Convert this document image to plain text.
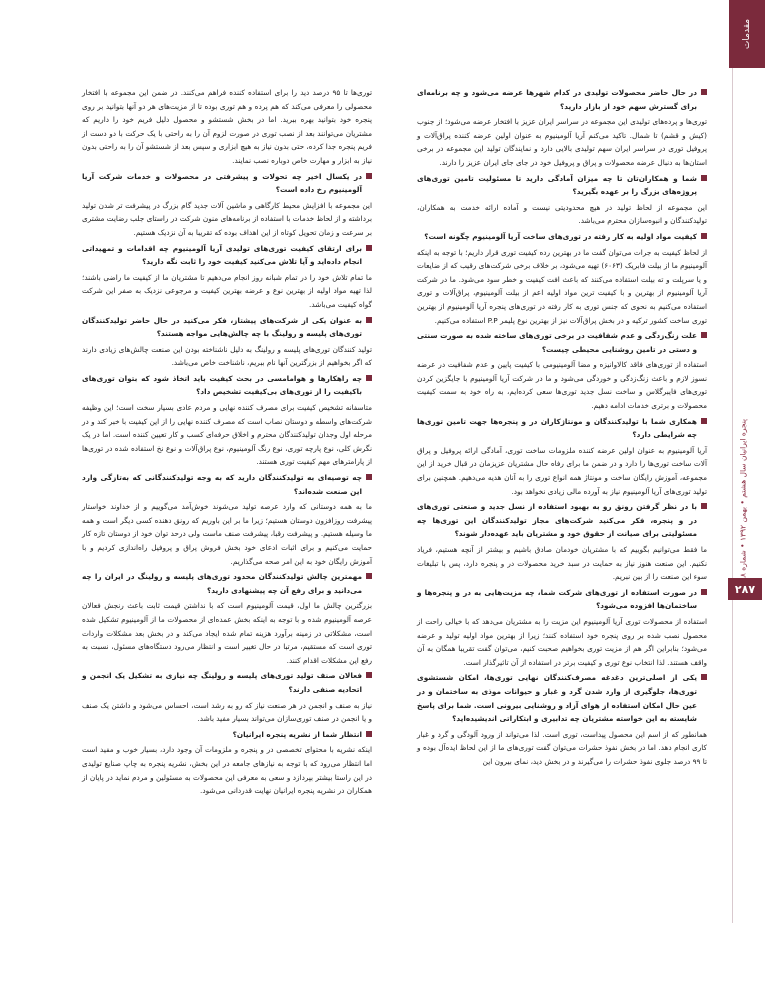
مقدمات
پنجره ایرانیان سال هشتم • بهمن ۱۳۹۲ • شماره
۲۸۷

در حال حاضر محصولات تولیدی در کدام شهرها عرضه می‌شود و چه برنامه‌ای برای گسترش سهم خود از بازار دارید؟

توری‌ها و پرده‌های تولیدی این مجموعه در سراسر ایران عزیز با افتخار عرضه می‌شود؛ از جنوب (کیش و قشم) تا شمال. تاکید می‌کنم آریا آلومینیوم به عنوان اولین عرضه کننده پراق‌آلات و پروفیل توری در سراسر ایران سهم تولیدی بالایی دارد و نمایندگان تولید این مجموعه در برخی استان‌ها به دنبال عرضه محصولات و پراق و پروفیل خود در جای جای ایران عزیز را دارند.

شما و همکاران‌تان تا چه میزان آمادگی دارید تا مسئولیت تامین توری‌های پروژه‌های بزرگ را بر عهده بگیرید؟

این مجموعه از لحاظ تولید در هیچ محدودیتی نیست و آماده ارائه خدمت به همکاران، تولیدکنندگان و انبوه‌سازان محترم می‌باشد.

کیفیت مواد اولیه به کار رفته در توری‌های ساخت آریا آلومینیوم چگونه است؟

از لحاظ کیفیت به جرات می‌توان گفت ما در بهترین رده کیفیت توری قرار داریم؛ با توجه به اینکه آلومینیوم ما از بیلت فابریک (۶۰۶۳) تهیه می‌شود، بر خلاف برخی شرکت‌های رقیب که از ضایعات و یا سرپلت و ته بیلت استفاده می‌کنند که باعث افت کیفیت و خطر سود می‌شود. ما در شرکت آریا آلومینیوم از بهترین و با کیفیت ترین مواد اولیه اعم از بیلت آلومینیوم، پراق‌آلات و توری استفاده می‌کنیم به نحوی که جنس توری به کار رفته در توری‌های پنجره آریا آلومینیوم از بهترین توری ساخت کشور ترکیه و در بخش پراق‌آلات نیز از بهترین نوع پلیمر P.P استفاده می‌کنیم.

علت زنگ‌زدگی و عدم شفافیت در برخی توری‌های ساخته شده به صورت سنتی و دستی در تامین روشنایی محیطی چیست؟

استفاده از توری‌های فاقد کالاوانیزه و مضا آلومینیومی با کیفیت پایین و عدم شفافیت در عرضه نسوز لازم و باعث زنگ‌زدگی و خوردگی می‌شود و ما در شرکت آریا آلومینیوم با جایگزین کردن توری‌های فایبرگلاس و ساخت نسل جدید توری‌ها سعی کرده‌ایم، به راه خود به سمت کیفیت محصولات و برتری خدمات ادامه دهیم.

همکاری شما با تولیدکنندگان و مونتاژکاران در و پنجره‌ها جهت تامین توری‌ها چه شرایطی دارد؟

آریا آلومینیوم به عنوان اولین عرضه کننده ملزومات ساخت توری، آمادگی ارائه پروفیل و پراق آلات ساخت توری‌ها را دارد و در ضمن ما برای رفاه حال مشتریان عزیزمان در قبال خرید از این مجموعه، آموزش رایگان ساخت و مونتاژ همه انواع توری را به آنان هدیه می‌دهیم. همچنین برای تولید توری‌های آریا آلومینیوم نیاز به آورده مالی زیادی نخواهد بود.

با در نظر گرفتن رونق رو به بهبود استفاده از نسل جدید و صنعتی توری‌های در و پنجره، فکر می‌کنید شرکت‌های مجاز تولیدکنندگان این توری‌ها چه مسئولیتی برای صیانت از حقوق خود و مشتریان باید عهده‌دار شوند؟

ما فقط می‌توانیم بگوییم که با مشتریان خودمان صادق باشیم و بیشتر از آنچه هستیم، فریاد نکنیم. این صنعت هنوز نیاز به حمایت در سبد خرید محصولات در و پنجره دارد، پس با تبلیغات سوء این صنعت را از بین نبریم.

در صورت استفاده از توری‌های شرکت شما، چه مزیت‌هایی به در و پنجره‌ها و ساختمان‌ها افزوده می‌شود؟

استفاده از محصولات توری آریا آلومینیوم این مزیت را به مشتریان می‌دهد که با خیالی راحت از محصول نصب شده بر روی پنجره خود استفاده کنند؛ زیرا از بهترین مواد اولیه تولید و عرضه می‌شود؛ بنابراین اگر هم از مزیت توری بخواهیم صحبت کنیم، می‌توان گفت تقریبا همگان به آن واقف هستند. لذا انتخاب نوع توری و کیفیت برتر در استفاده از آن تاثیرگذار است.

یکی از اصلی‌ترین دغدغه مصرف‌کنندگان نهایی توری‌ها، امکان شستشوی توری‌ها، جلوگیری از وارد شدن گرد و غبار و حیوانات موذی به ساختمان و در عین حال امکان استفاده از هوای آزاد و روشنایی بیرونی است. شما برای پاسخ شایسته به این خواسته مشتریان چه تدابیری و ابتکاراتی اندیشیده‌اید؟

همانطور که از اسم این محصول پیداست، توری است. لذا می‌تواند از ورود آلودگی و گرد و غبار کاری انجام دهد. اما در بخش نفوذ حشرات می‌توان گفت توری‌های ما از این لحاظ ایده‌آل بوده و تا ۹۹ درصد جلوی نفوذ حشرات را می‌گیرند و در بخش دید، نمای بیرون این

توری‌ها تا ۹۵ درصد دید را برای استفاده کننده فراهم می‌کنند. در ضمن این مجموعه با افتخار محصولی را معرفی می‌کند که هم پرده و هم توری بوده تا از مزیت‌های هر دو آنها بتوانید بر روی پنجره خود بتوانید بهره ببرید. اما در بخش شستشو و محصول دلیل فریم خود را داریم که مشتریان می‌توانند بعد از نصب توری در صورت لزوم آن را به راحتی با یک حرکت با دو دست از فریم پنجره جدا کرده، حتی بدون نیاز به هیچ ابزاری و سپس بعد از شستشو آن را به راحتی بدون نیاز به ابزار و مهارت خاص دوباره نصب نمایند.

در یکسال اخیر چه تحولات و پیشرفتی در محصولات و خدمات شرکت آریا آلومینیوم رخ داده است؟

این مجموعه با افزایش محیط کارگاهی و ماشین آلات جدید گام بزرگ در پیشرفت تر شدن تولید برداشته و از لحاظ خدمات با استفاده از برنامه‌های منون شرکت در راستای جلب رضایت مشتری بر سرعت و زمان تحویل کوتاه از این اهداف بوده که تقریبا به آن نزدیک هستیم.

برای ارتقای کیفیت توری‌های تولیدی آریا آلومینیوم چه اقدامات و تمهیداتی انجام داده‌اید و آیا تلاش می‌کنید کیفیت خود را ثابت نگه دارید؟

ما تمام تلاش خود را در تمام شبانه روز انجام می‌دهیم تا مشتریان ما از کیفیت ما راضی باشند؛ لذا تهیه مواد اولیه از بهترین نوع و عرضه بهترین کیفیت و مرجوعی نزدیک به صفر این شرکت گواه کیفیت می‌باشد.

به عنوان یکی از شرکت‌های پیشتاز، فکر می‌کنید در حال حاضر تولیدکنندگان توری‌های پلیسه و رولینگ با چه چالش‌هایی مواجه هستند؟

تولید کنندگان توری‌های پلیسه و رولینگ به دلیل ناشناخته بودن این صنعت چالش‌های زیادی دارند که اگر بخواهیم از بزرگترین آنها نام ببریم، ناشناخت خاص می‌باشد.

چه راهکارها و هوامامسی در بحث کیفیت باید اتخاذ شود که بتوان توری‌های باکیفیت را از توری‌های بی‌کیفیت تشخیص داد؟

متاسفانه تشخیص کیفیت برای مصرف کننده نهایی و مردم عادی بسیار سخت است؛ این وظیفه شرکت‌های واسطه و دوستان نصاب است که مصرف کننده نهایی را از این کیفیت با خبر کند و در مرحله اول وجدان تولیدکنندگان محترم و اخلاق حرفه‌ای کسب و کار تعیین کننده است. اما در یک نگرش کلی، نوع پارچه توری، نوع رنگ آلومینیوم، نوع پراق‌آلات و نوع نخ استفاده شده در توری‌ها از پارامترهای مهم کیفیت توری هستند.

چه توصیه‌ای به تولیدکنندگان دارید که به وجه تولیدکنندگانی که به‌تازگی وارد این صنعت شده‌اند؟

ما به همه دوستانی که وارد عرصه تولید می‌شوند خوش‌آمد می‌گوییم و از خداوند خواستار پیشرفت روزافزون دوستان هستیم؛ زیرا ما بر این باوریم که رونق دهنده کسی دیگر است و همه ما وسیله هستیم. و پیشرفت رقبا، پیشرفت صنف ماست ولی درحد توان خود از دوستان تازه کار حمایت می‌کنیم و برای اثبات ادعای خود بخش فروش پراق و پروفیل راه‌اندازی کردیم و با آموزش رایگان خود به این امر صحه می‌گذاریم.

مهمترین چالش تولیدکنندگان محدود توری‌های پلیسه و رولینگ در ایران را چه می‌دانید و برای رفع آن چه پیشنهادی دارید؟

بزرگترین چالش ما اول، قیمت آلومینیوم است که با نداشتن قیمت ثابت باعث رنجش فعالان عرصه آلومینیوم شده و با توجه به اینکه بخش عمده‌ای از محصولات ما از آلومینیوم تشکیل شده است، مشکلاتی در زمینه برآورد هزینه تمام شده ایجاد می‌کند و در بخش بعد مشکلات واردات توری است که مستقیم، مرتبا در حال تغییر است و انتظار می‌رود دستگاه‌های مسئول، نسبت به رفع این مشکلات اقدام کنند.

فعالان صنف تولید توری‌های پلیسه و رولینگ چه نیازی به تشکیل یک انجمن و اتحادیه صنفی دارند؟

نیاز به صنف و انجمن در هر صنعت نیاز که رو به رشد است، احساس می‌شود و داشتن یک صنف و یا انجمن در صنف توری‌سازان می‌تواند بسیار مفید باشد.

انتظار شما از نشریه پنجره ایرانیان؟

اینکه نشریه با محتوای تخصصی در و پنجره و ملزومات آن وجود دارد، بسیار خوب و مفید است اما انتظار می‌رود که با توجه به نیازهای جامعه در این بخش، نشریه پنجره به چاپ صنایع تولیدی در این راستا بیشتر بپردازد و سعی به معرفی این محصولات به مسئولین و مردم نماید در پایان از همکاران در نشریه پنجره ایرانیان نهایت قدردانی می‌شود.
